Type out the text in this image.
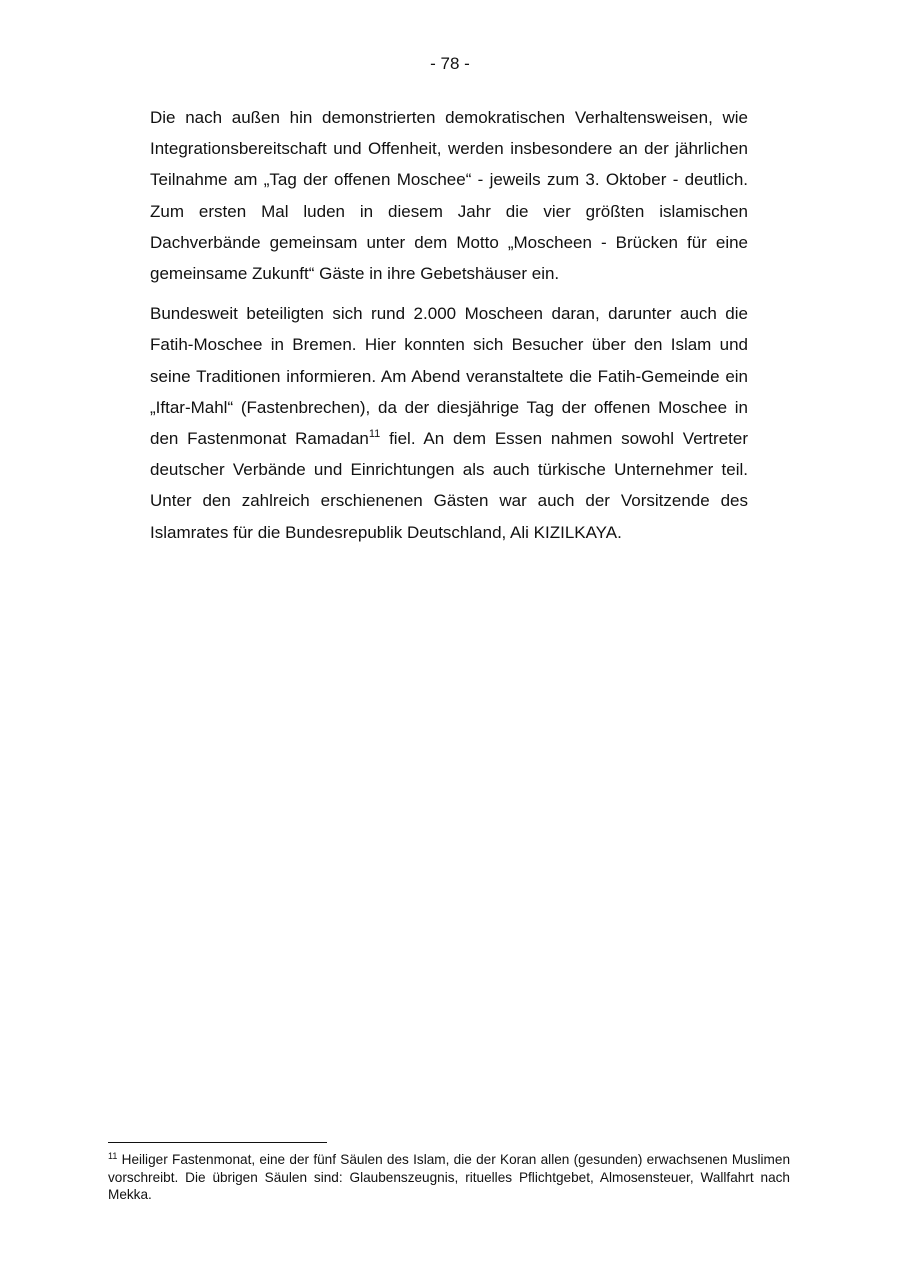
- 78 -

Die nach außen hin demonstrierten demokratischen Verhaltensweisen, wie Integrationsbereitschaft und Offenheit, werden insbesondere an der jährlichen Teilnahme am „Tag der offenen Moschee“ - jeweils zum 3. Oktober - deutlich. Zum ersten Mal luden in diesem Jahr die vier größten islamischen Dachverbände gemeinsam unter dem Motto „Moscheen - Brücken für eine gemeinsame Zukunft“ Gäste in ihre Gebetshäuser ein.

Bundesweit beteiligten sich rund 2.000 Moscheen daran, darunter auch die Fatih-Moschee in Bremen. Hier konnten sich Besucher über den Islam und seine Traditionen informieren. Am Abend veranstaltete die Fatih-Gemeinde ein „Iftar-Mahl“ (Fastenbrechen), da der diesjährige Tag der offenen Moschee in den Fastenmonat Ramadan$^{11}$ fiel. An dem Essen nahmen sowohl Vertreter deutscher Verbände und Einrichtungen als auch türkische Unternehmer teil. Unter den zahlreich erschienenen Gästen war auch der Vorsitzende des Islamrates für die Bundesrepublik Deutschland, Ali KIZILKAYA.

$^{11}$ Heiliger Fastenmonat, eine der fünf Säulen des Islam, die der Koran allen (gesunden) erwachsenen Muslimen vorschreibt. Die übrigen Säulen sind: Glaubenszeugnis, rituelles Pflichtgebet, Almosensteuer, Wallfahrt nach Mekka.
